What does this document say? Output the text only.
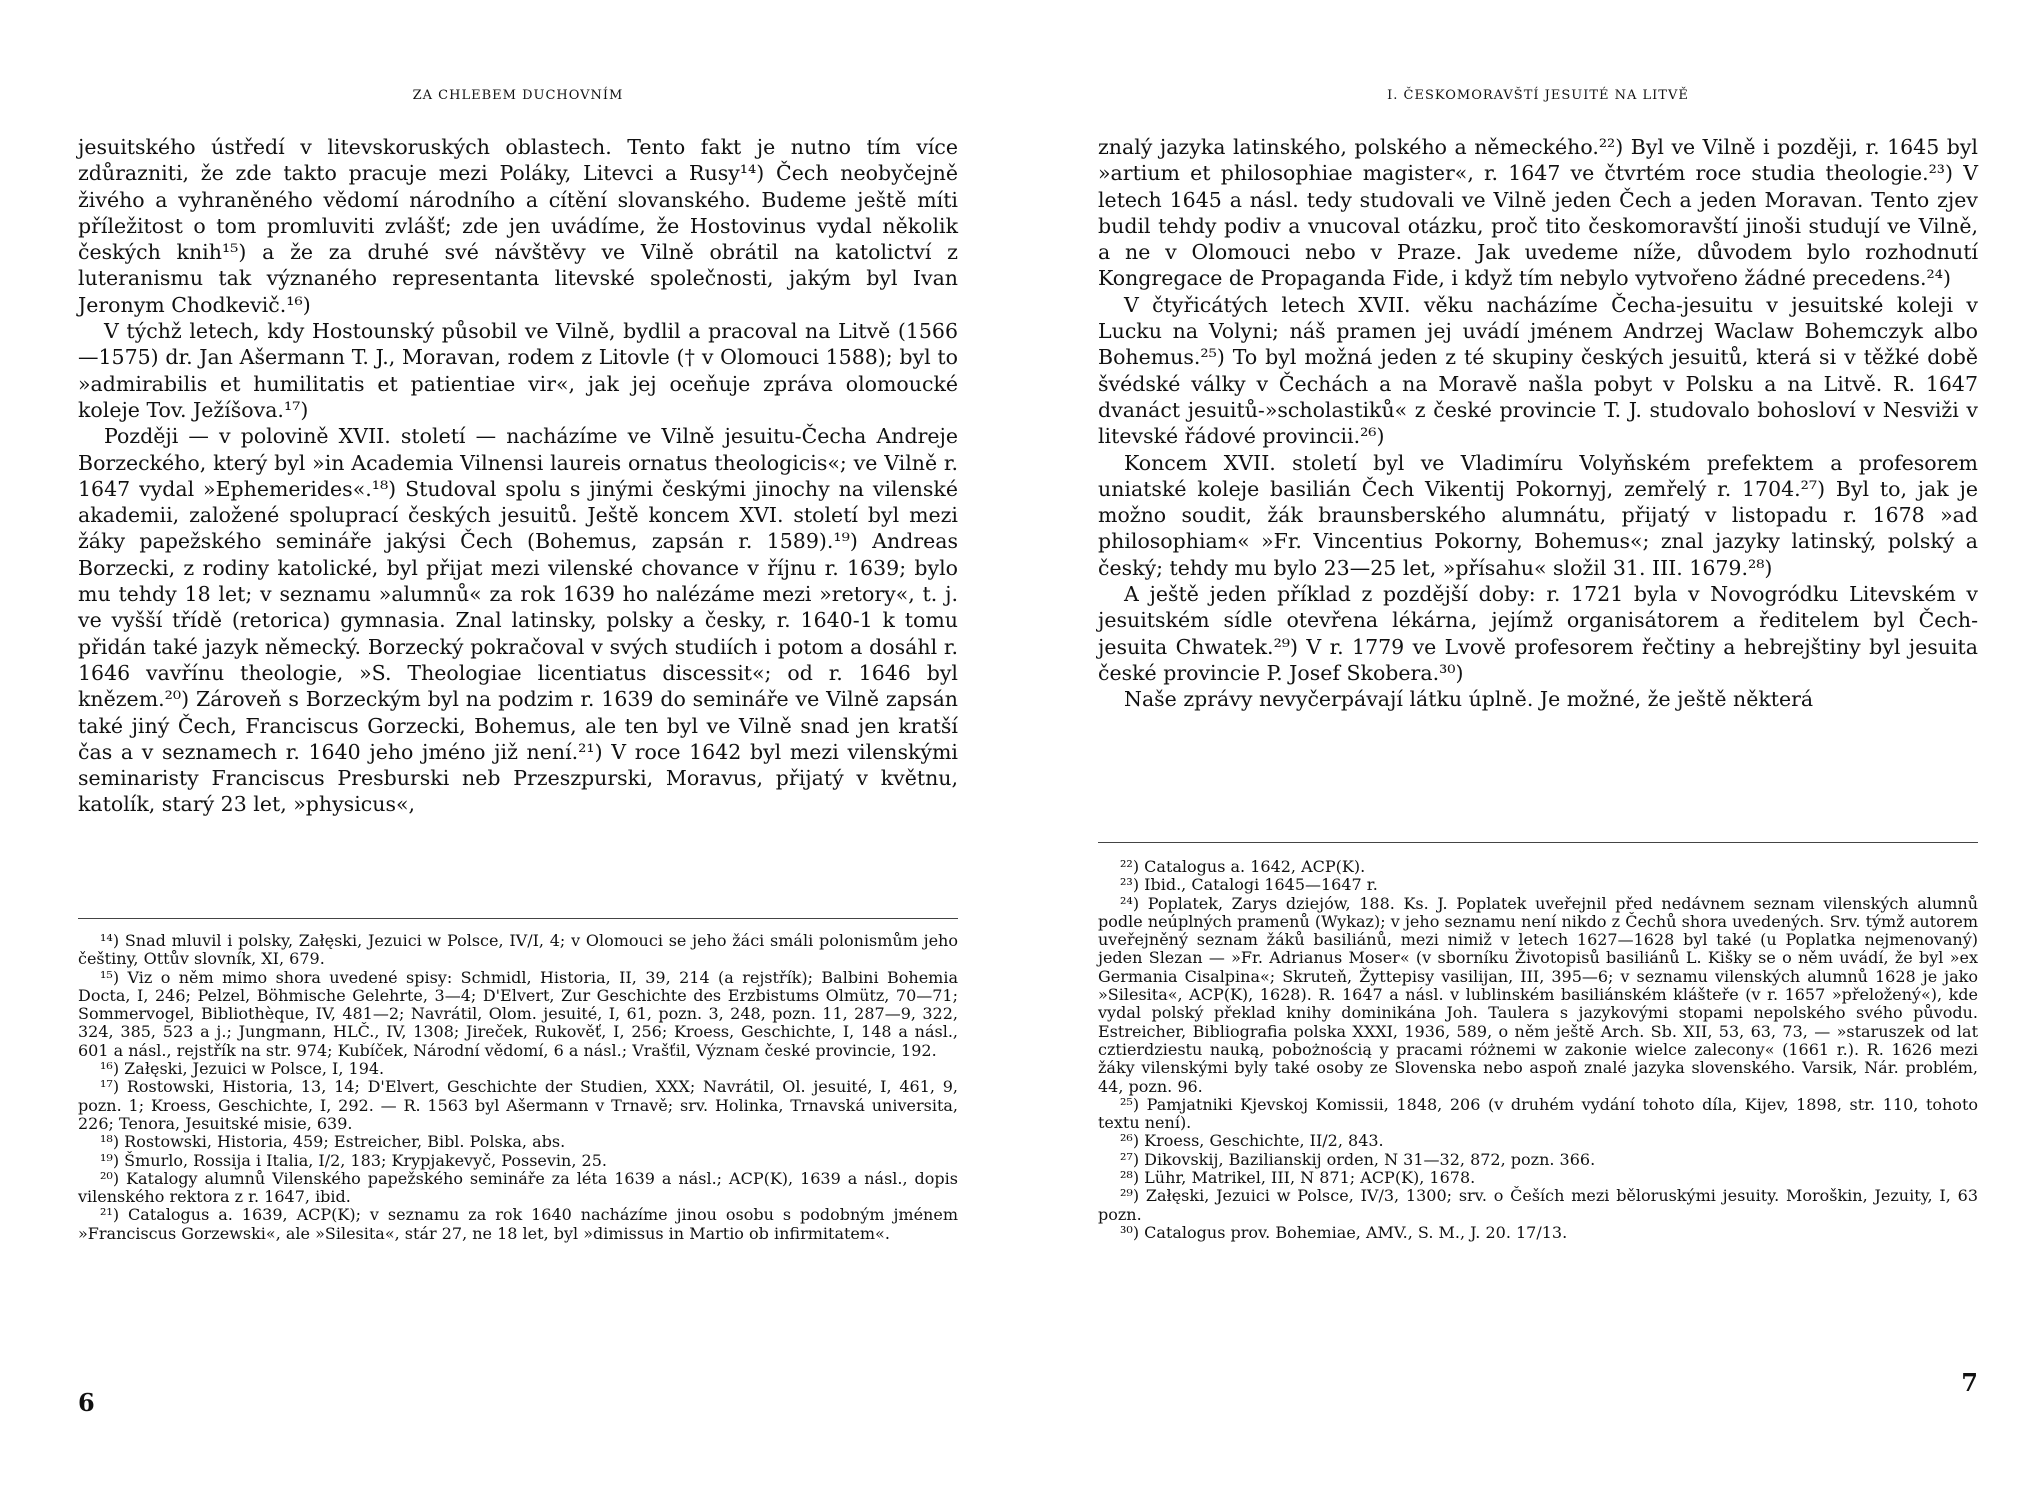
ZA CHLEBEM DUCHOVNÍM

jesuitského ústředí v litevskoruských oblastech. Tento fakt je nutno tím více zdůrazniti, že zde takto pracuje mezi Poláky, Litevci a Rusy¹⁴) Čech neobyčejně živého a vyhraněného vědomí národního a cítění slovanského. Budeme ještě míti příležitost o tom promluviti zvlášť; zde jen uvádíme, že Hostovinus vydal několik českých knih¹⁵) a že za druhé své návštěvy ve Vilně obrátil na katolictví z luteranismu tak význaného representanta litevské společnosti, jakým byl Ivan Jeronym Chodkevič.¹⁶)

V týchž letech, kdy Hostounský působil ve Vilně, bydlil a pracoval na Litvě (1566—1575) dr. Jan Ašermann T. J., Moravan, rodem z Litovle († v Olomouci 1588); byl to »admirabilis et humilitatis et patientiae vir«, jak jej oceňuje zpráva olomoucké koleje Tov. Ježíšova.¹⁷)

Později — v polovině XVII. století — nacházíme ve Vilně jesuitu-Čecha Andreje Borzeckého, který byl »in Academia Vilnensi laureis ornatus theologicis«; ve Vilně r. 1647 vydal »Ephemerides«.¹⁸) Studoval spolu s jinými českými jinochy na vilenské akademii, založené spoluprací českých jesuitů. Ještě koncem XVI. století byl mezi žáky papežského semináře jakýsi Čech (Bohemus, zapsán r. 1589).¹⁹) Andreas Borzecki, z rodiny katolické, byl přijat mezi vilenské chovance v říjnu r. 1639; bylo mu tehdy 18 let; v seznamu »alumnů« za rok 1639 ho nalézáme mezi »retory«, t. j. ve vyšší třídě (retorica) gymnasia. Znal latinsky, polsky a česky, r. 1640-1 k tomu přidán také jazyk německý. Borzecký pokračoval v svých studiích i potom a dosáhl r. 1646 vavřínu theologie, »S. Theologiae licentiatus discessit«; od r. 1646 byl knězem.²⁰) Zároveň s Borzeckým byl na podzim r. 1639 do semináře ve Vilně zapsán také jiný Čech, Franciscus Gorzecki, Bohemus, ale ten byl ve Vilně snad jen kratší čas a v seznamech r. 1640 jeho jméno již není.²¹) V roce 1642 byl mezi vilenskými seminaristy Franciscus Presburski neb Przeszpurski, Moravus, přijatý v květnu, katolík, starý 23 let, »physicus«,

¹⁴) Snad mluvil i polsky, Załęski, Jezuici w Polsce, IV/I, 4; v Olomouci se jeho žáci smáli polonismům jeho češtiny, Ottův slovník, XI, 679.

¹⁵) Viz o něm mimo shora uvedené spisy: Schmidl, Historia, II, 39, 214 (a rejstřík); Balbini Bohemia Docta, I, 246; Pelzel, Böhmische Gelehrte, 3—4; D'Elvert, Zur Geschichte des Erzbistums Olmütz, 70—71; Sommervogel, Bibliothèque, IV, 481—2; Navrátil, Olom. jesuité, I, 61, pozn. 3, 248, pozn. 11, 287—9, 322, 324, 385, 523 a j.; Jungmann, HLČ., IV, 1308; Jireček, Rukověť, I, 256; Kroess, Geschichte, I, 148 a násl., 601 a násl., rejstřík na str. 974; Kubíček, Národní vědomí, 6 a násl.; Vrašťil, Význam české provincie, 192.

¹⁶) Załęski, Jezuici w Polsce, I, 194.

¹⁷) Rostowski, Historia, 13, 14; D'Elvert, Geschichte der Studien, XXX; Navrátil, Ol. jesuité, I, 461, 9, pozn. 1; Kroess, Geschichte, I, 292. — R. 1563 byl Ašermann v Trnavě; srv. Holinka, Trnavská universita, 226; Tenora, Jesuitské misie, 639.

¹⁸) Rostowski, Historia, 459; Estreicher, Bibl. Polska, abs.

¹⁹) Šmurlo, Rossija i Italia, I/2, 183; Krypjakevyč, Possevin, 25.

²⁰) Katalogy alumnů Vilenského papežského semináře za léta 1639 a násl.; ACP(K), 1639 a násl., dopis vilenského rektora z r. 1647, ibid.

²¹) Catalogus a. 1639, ACP(K); v seznamu za rok 1640 nacházíme jinou osobu s podobným jménem »Franciscus Gorzewski«, ale »Silesita«, stár 27, ne 18 let, byl »dimissus in Martio ob infirmitatem«.

6
I. ČESKOMORAVŠTÍ JESUITÉ NA LITVĚ

znalý jazyka latinského, polského a německého.²²) Byl ve Vilně i později, r. 1645 byl »artium et philosophiae magister«, r. 1647 ve čtvrtém roce studia theologie.²³) V letech 1645 a násl. tedy studovali ve Vilně jeden Čech a jeden Moravan. Tento zjev budil tehdy podiv a vnucoval otázku, proč tito českomoravští jinoši studují ve Vilně, a ne v Olomouci nebo v Praze. Jak uvedeme níže, důvodem bylo rozhodnutí Kongregace de Propaganda Fide, i když tím nebylo vytvořeno žádné precedens.²⁴)

V čtyřicátých letech XVII. věku nacházíme Čecha-jesuitu v jesuitské koleji v Lucku na Volyni; náš pramen jej uvádí jménem Andrzej Waclaw Bohemczyk albo Bohemus.²⁵) To byl možná jeden z té skupiny českých jesuitů, která si v těžké době švédské války v Čechách a na Moravě našla pobyt v Polsku a na Litvě. R. 1647 dvanáct jesuitů-»scholastiků« z české provincie T. J. studovalo bohosloví v Nesviži v litevské řádové provincii.²⁶)

Koncem XVII. století byl ve Vladimíru Volyňském prefektem a profesorem uniatské koleje basilián Čech Vikentij Pokornyj, zemřelý r. 1704.²⁷) Byl to, jak je možno soudit, žák braunsberského alumnátu, přijatý v listopadu r. 1678 »ad philosophiam« »Fr. Vincentius Pokorny, Bohemus«; znal jazyky latinský, polský a český; tehdy mu bylo 23—25 let, »přísahu« složil 31. III. 1679.²⁸)

A ještě jeden příklad z pozdější doby: r. 1721 byla v Novogródku Litevském v jesuitském sídle otevřena lékárna, jejímž organisátorem a ředitelem byl Čech-jesuita Chwatek.²⁹) V r. 1779 ve Lvově profesorem řečtiny a hebrejštiny byl jesuita české provincie P. Josef Skobera.³⁰)

Naše zprávy nevyčerpávají látku úplně. Je možné, že ještě některá

²²) Catalogus a. 1642, ACP(K).

²³) Ibid., Catalogi 1645—1647 r.

²⁴) Poplatek, Zarys dziejów, 188. Ks. J. Poplatek uveřejnil před nedávnem seznam vilenských alumnů podle neúplných pramenů (Wykaz); v jeho seznamu není nikdo z Čechů shora uvedených. Srv. týmž autorem uveřejněný seznam žáků basiliánů, mezi nimiž v letech 1627—1628 byl také (u Poplatka nejmenovaný) jeden Slezan — »Fr. Adrianus Moser« (v sborníku Životopisů basiliánů L. Kišky se o něm uvádí, že byl »ex Germania Cisalpina«; Skruteň, Žyttepisy vasilijan, III, 395—6; v seznamu vilenských alumnů 1628 je jako »Silesita«, ACP(K), 1628). R. 1647 a násl. v lublinském basiliánském klášteře (v r. 1657 »přeložený«), kde vydal polský překlad knihy dominikána Joh. Taulera s jazykovými stopami nepolského svého původu. Estreicher, Bibliografia polska XXXI, 1936, 589, o něm ještě Arch. Sb. XII, 53, 63, 73, — »staruszek od lat cztierdziestu nauką, pobożnością y pracami różnemi w zakonie wielce zalecony« (1661 r.). R. 1626 mezi žáky vilenskými byly také osoby ze Slovenska nebo aspoň znalé jazyka slovenského. Varsik, Nár. problém, 44, pozn. 96.

²⁵) Pamjatniki Kjevskoj Komissii, 1848, 206 (v druhém vydání tohoto díla, Kijev, 1898, str. 110, tohoto textu není).

²⁶) Kroess, Geschichte, II/2, 843.

²⁷) Dikovskij, Bazilianskij orden, N 31—32, 872, pozn. 366.

²⁸) Lühr, Matrikel, III, N 871; ACP(K), 1678.

²⁹) Załęski, Jezuici w Polsce, IV/3, 1300; srv. o Češích mezi běloruskými jesuity. Moroškin, Jezuity, I, 63 pozn.

³⁰) Catalogus prov. Bohemiae, AMV., S. M., J. 20. 17/13.

7
